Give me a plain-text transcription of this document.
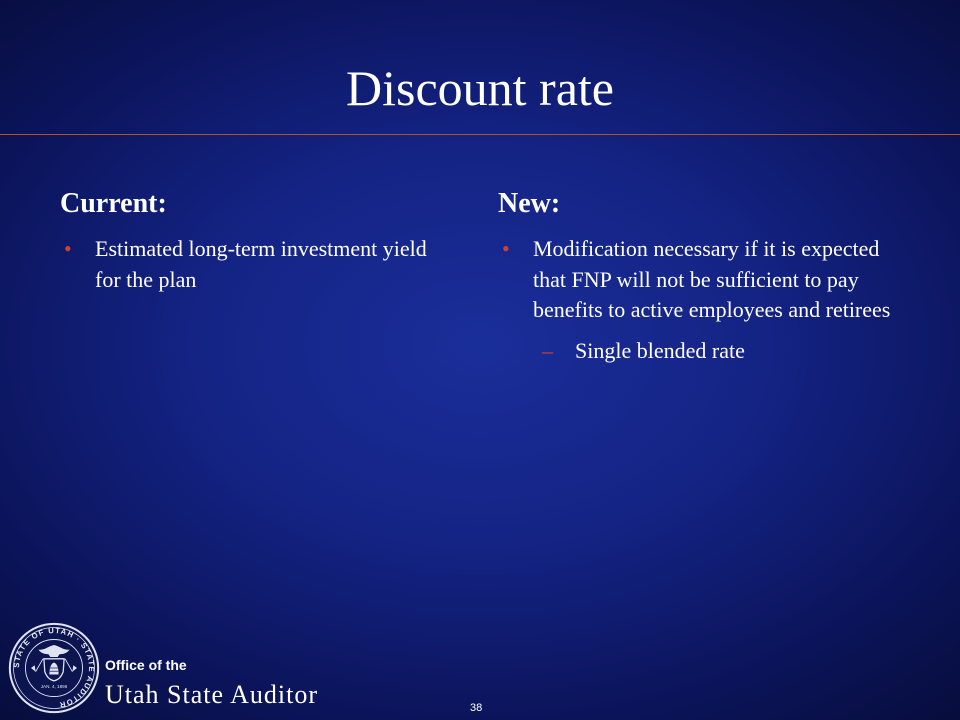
Discount rate
Current:
• Estimated long-term investment yield for the plan
New:
• Modification necessary if it is expected that FNP will not be sufficient to pay benefits to active employees and retirees
– Single blended rate
STATE OF UTAH · STATE AUDITOR
JAN. 4, 1896
Office of the
Utah State Auditor	38
